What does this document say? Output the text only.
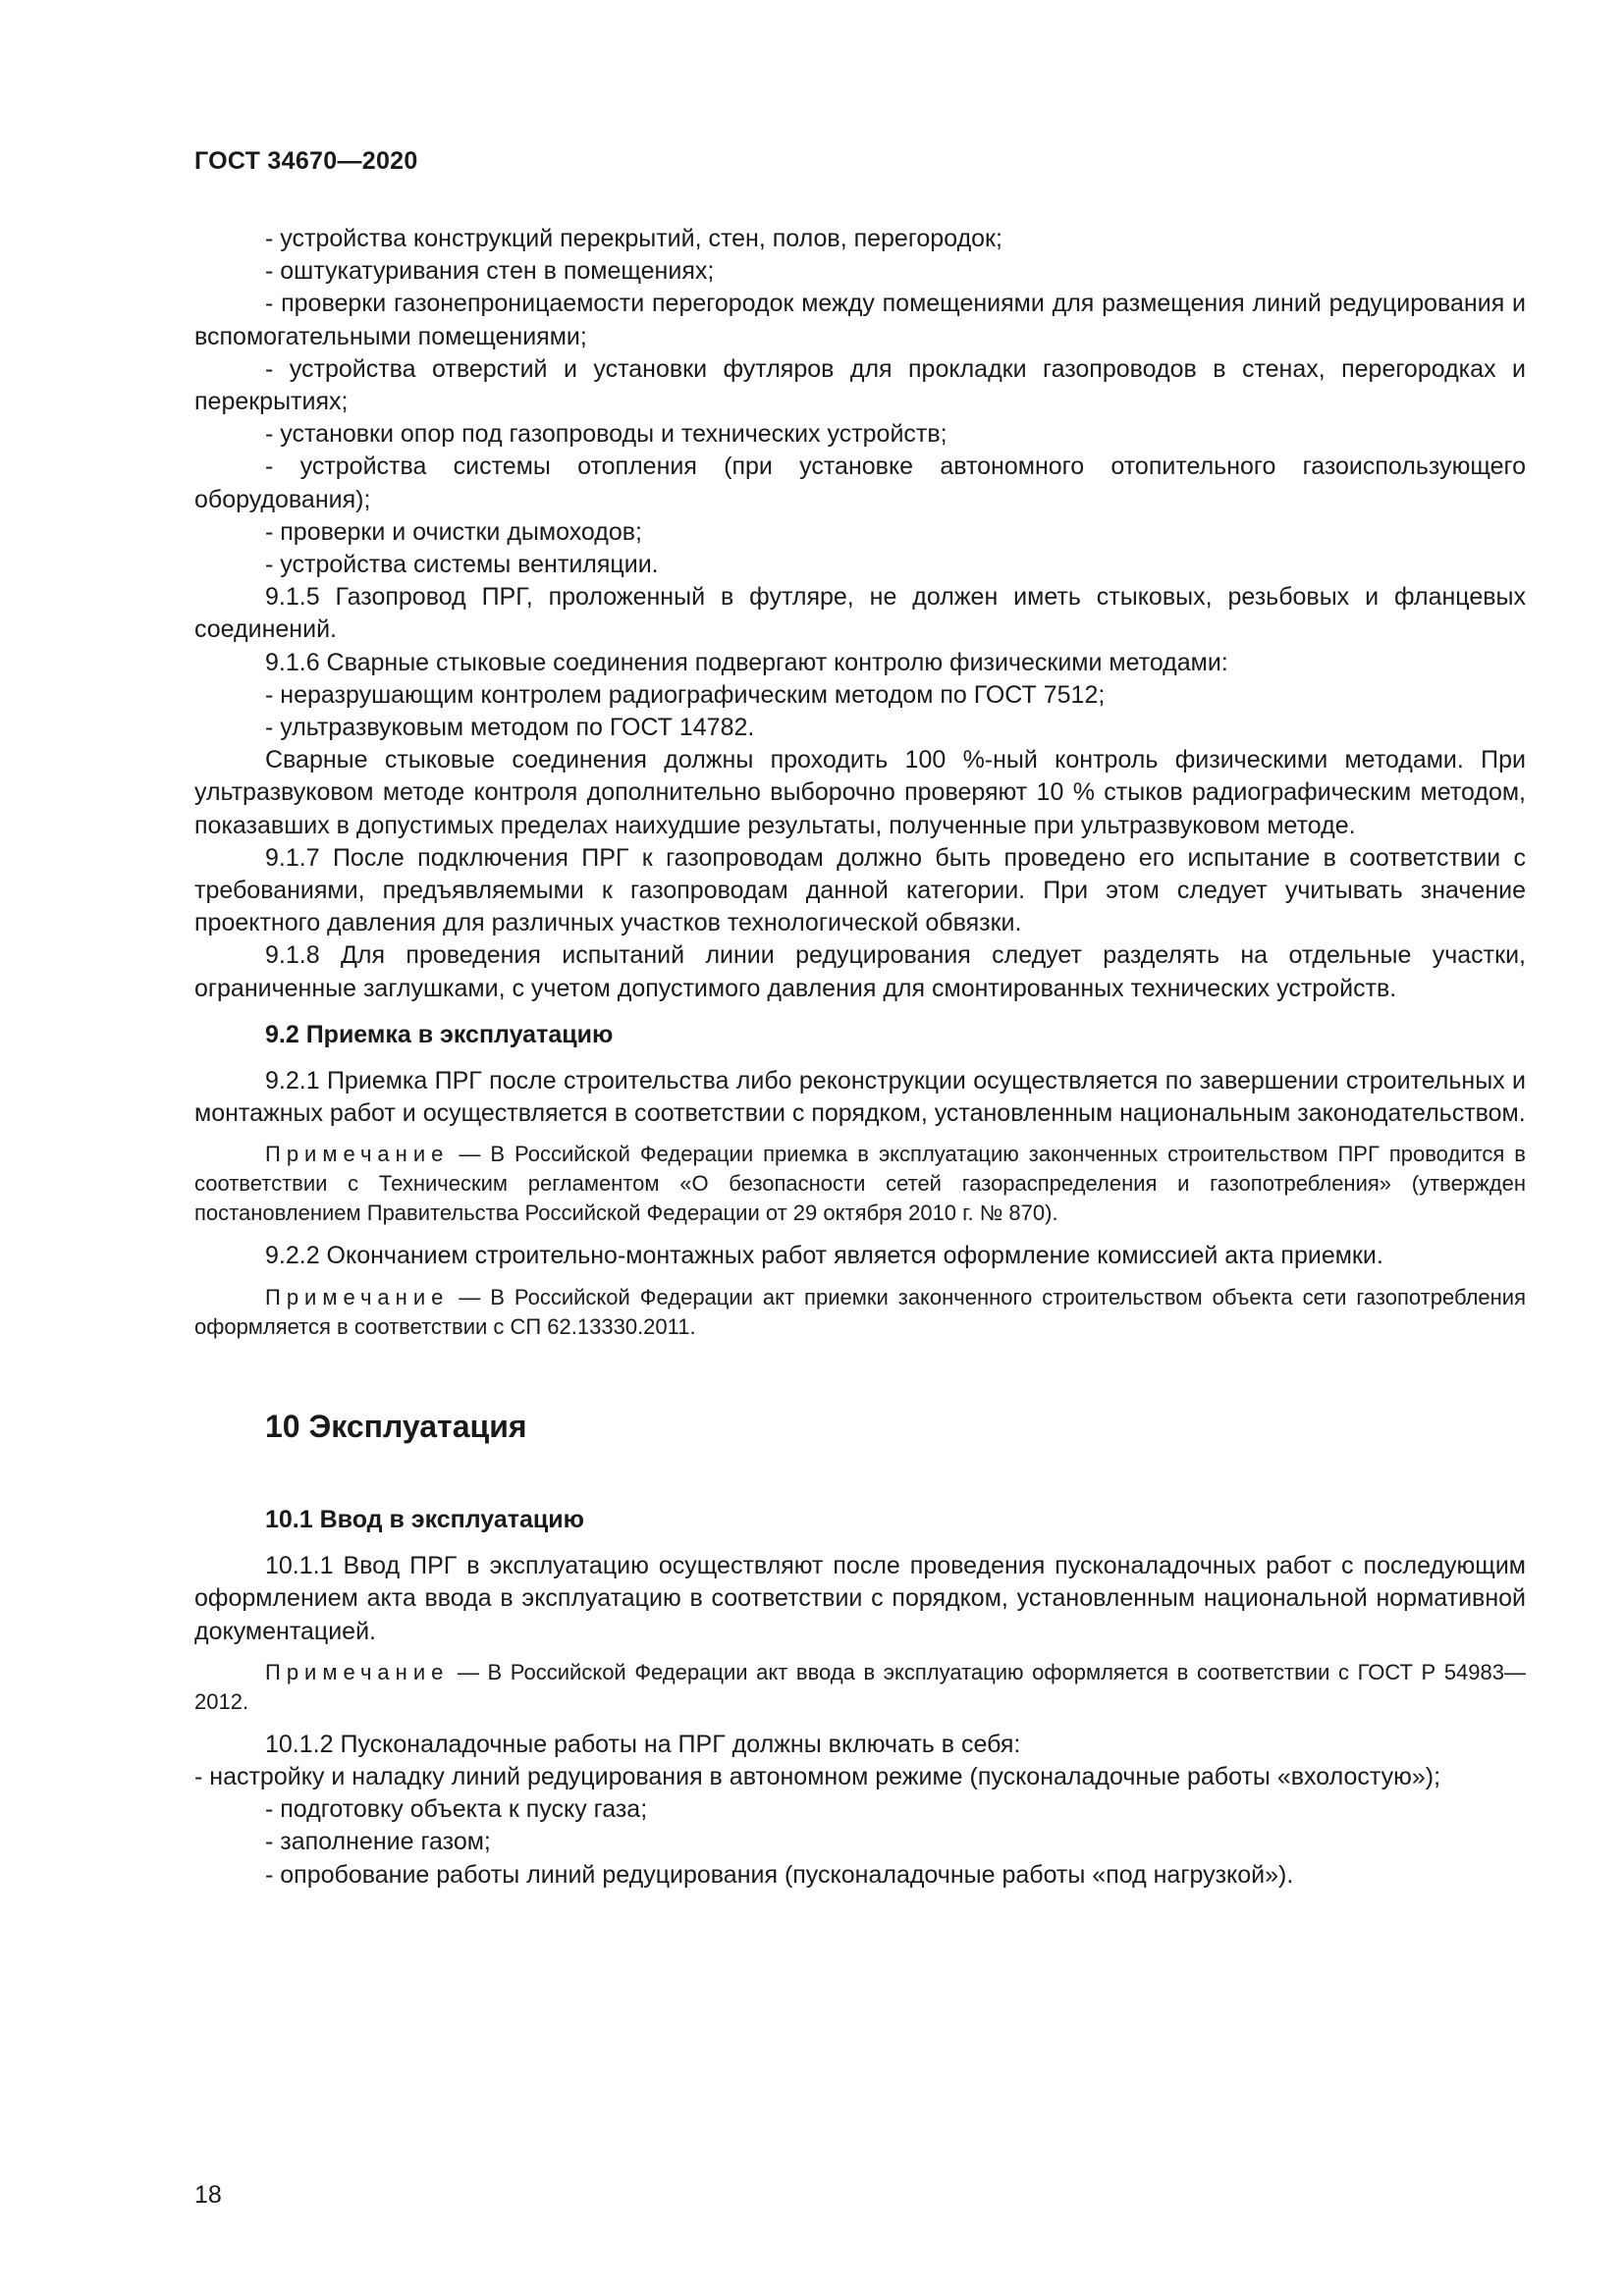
ГОСТ 34670—2020

- устройства конструкций перекрытий, стен, полов, перегородок;

- оштукатуривания стен в помещениях;

- проверки газонепроницаемости перегородок между помещениями для размещения линий редуцирования и вспомогательными помещениями;

- устройства отверстий и установки футляров для прокладки газопроводов в стенах, перегородках и перекрытиях;

- установки опор под газопроводы и технических устройств;

- устройства системы отопления (при установке автономного отопительного газоиспользующего оборудования);

- проверки и очистки дымоходов;

- устройства системы вентиляции.

9.1.5 Газопровод ПРГ, проложенный в футляре, не должен иметь стыковых, резьбовых и фланцевых соединений.

9.1.6 Сварные стыковые соединения подвергают контролю физическими методами:

- неразрушающим контролем радиографическим методом по ГОСТ 7512;

- ультразвуковым методом по ГОСТ 14782.

Сварные стыковые соединения должны проходить 100 %-ный контроль физическими методами. При ультразвуковом методе контроля дополнительно выборочно проверяют 10 % стыков радиографическим методом, показавших в допустимых пределах наихудшие результаты, полученные при ультразвуковом методе.

9.1.7 После подключения ПРГ к газопроводам должно быть проведено его испытание в соответствии с требованиями, предъявляемыми к газопроводам данной категории. При этом следует учитывать значение проектного давления для различных участков технологической обвязки.

9.1.8 Для проведения испытаний линии редуцирования следует разделять на отдельные участки, ограниченные заглушками, с учетом допустимого давления для смонтированных технических устройств.

9.2 Приемка в эксплуатацию

9.2.1 Приемка ПРГ после строительства либо реконструкции осуществляется по завершении строительных и монтажных работ и осуществляется в соответствии с порядком, установленным национальным законодательством.

Примечание — В Российской Федерации приемка в эксплуатацию законченных строительством ПРГ проводится в соответствии с Техническим регламентом «О безопасности сетей газораспределения и газопотребления» (утвержден постановлением Правительства Российской Федерации от 29 октября 2010 г. № 870).

9.2.2 Окончанием строительно-монтажных работ является оформление комиссией акта приемки.

Примечание — В Российской Федерации акт приемки законченного строительством объекта сети газопотребления оформляется в соответствии с СП 62.13330.2011.

10 Эксплуатация
10.1 Ввод в эксплуатацию

10.1.1 Ввод ПРГ в эксплуатацию осуществляют после проведения пусконаладочных работ с последующим оформлением акта ввода в эксплуатацию в соответствии с порядком, установленным национальной нормативной документацией.

Примечание — В Российской Федерации акт ввода в эксплуатацию оформляется в соответствии с ГОСТ Р 54983—2012.

10.1.2 Пусконаладочные работы на ПРГ должны включать в себя:

- настройку и наладку линий редуцирования в автономном режиме (пусконаладочные работы «вхолостую»);

- подготовку объекта к пуску газа;

- заполнение газом;

- опробование работы линий редуцирования (пусконаладочные работы «под нагрузкой»).

18
